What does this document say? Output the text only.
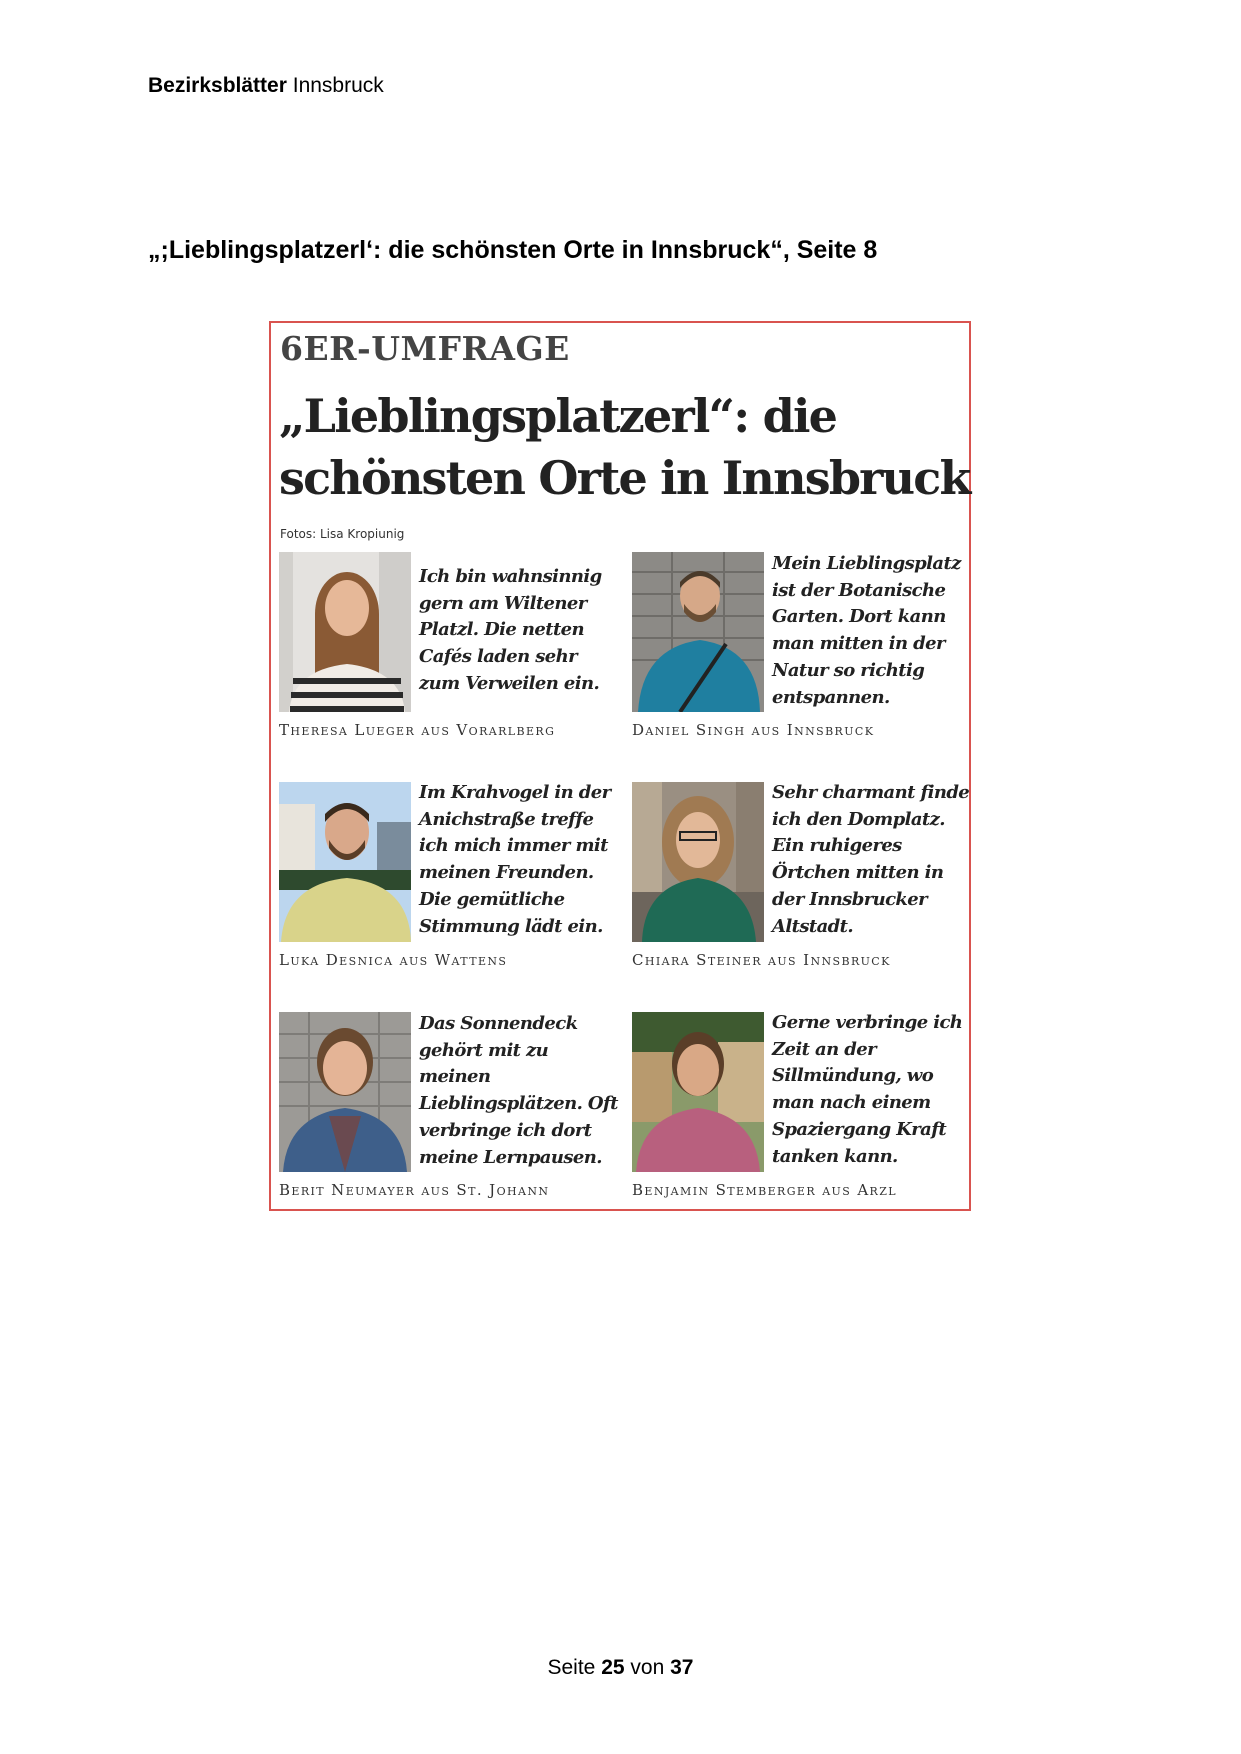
Bezirksblätter Innsbruck
„;Lieblingsplatzerl‘: die schönsten Orte in Innsbruck“, Seite 8
6ER-UMFRAGE
„Lieblingsplatzerl“: die
schönsten Orte in Innsbruck
Fotos: Lisa Kropiunig
Ich bin wahnsinnig gern am Wiltener Platzl. Die netten Cafés laden sehr zum Verweilen ein.
Theresa Lueger aus Vorarlberg
Mein Lieblingsplatz ist der Botanische Garten. Dort kann man mitten in der Natur so richtig entspannen.
Daniel Singh aus Innsbruck
Im Krahvogel in der Anichstraße treffe ich mich immer mit meinen Freunden. Die gemütliche Stimmung lädt ein.
Luka Desnica aus Wattens
Sehr charmant finde ich den Domplatz. Ein ruhigeres Örtchen mitten in der Innsbrucker Altstadt.
Chiara Steiner aus Innsbruck
Das Sonnendeck gehört mit zu meinen Lieblingsplätzen. Oft verbringe ich dort meine Lernpausen.
Berit Neumayer aus St. Johann
Gerne verbringe ich Zeit an der Sillmündung, wo man nach einem Spaziergang Kraft tanken kann.
Benjamin Stemberger aus Arzl
Seite 25 von 37
